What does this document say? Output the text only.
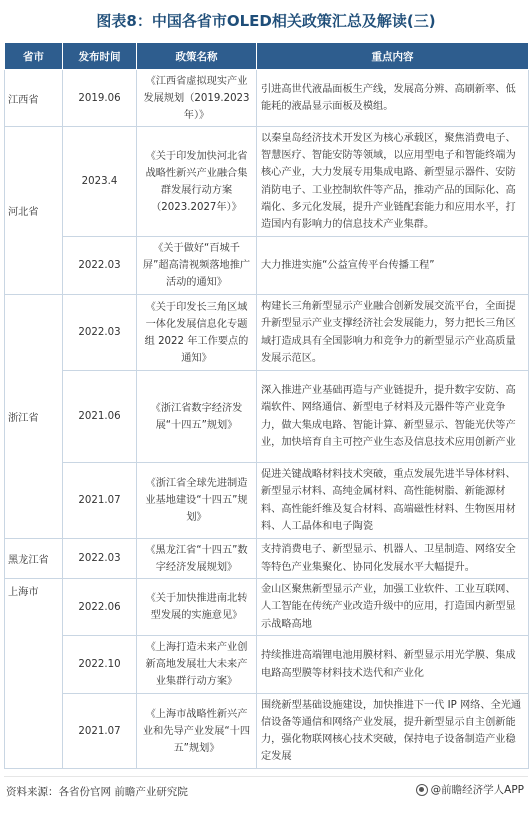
图表8：中国各省市OLED相关政策汇总及解读(三)
省市	发布时间	政策名称	重点内容
江西省	2019.06	《江西省虚拟现实产业发展规划（2019.2023年）》	引进高世代液晶面板生产线，发展高分辨、高刷新率、低能耗的液晶显示面板及模组。
河北省	2023.4	《关于印发加快河北省战略性新兴产业融合集群发展行动方案（2023.2027年）》	以秦皇岛经济技术开发区为核心承载区，聚焦消费电子、智慧医疗、智能安防等领域，以应用型电子和智能终端为核心产业，大力发展专用集成电路、新型显示器件、安防消防电子、工业控制软件等产品，推动产品的国际化、高端化、多元化发展，提升产业链配套能力和应用水平，打造国内有影响力的信息技术产业集群。
	2022.03	《关于做好“百城千屏”超高清视频落地推广活动的通知》	大力推进实施“公益宣传平台传播工程”
浙江省	2022.03	《关于印发长三角区域一体化发展信息化专题组 2022 年工作要点的通知》	构建长三角新型显示产业融合创新发展交流平台，全面提升新型显示产业支撑经济社会发展能力，努力把长三角区域打造成具有全国影响力和竞争力的新型显示产业高质量发展示范区。
	2021.06	《浙江省数字经济发展“十四五”规划》	深入推进产业基础再造与产业链提升，提升数字安防、高端软件、网络通信、新型电子材料及元器件等产业竞争力，做大集成电路、智能计算、新型显示、智能光伏等产业，加快培育自主可控产业生态及信息技术应用创新产业
	2021.07	《浙江省全球先进制造业基地建设“十四五”规划》	促进关键战略材料技术突破，重点发展先进半导体材料、新型显示材料、高纯金属材料、高性能树脂、新能源材料、高性能纤维及复合材料、高端磁性材料、生物医用材料、人工晶体和电子陶瓷
黑龙江省	2022.03	《黑龙江省“十四五”数字经济发展规划》	支持消费电子、新型显示、机器人、卫星制造、网络安全等特色产业集聚化、协同化发展水平大幅提升。
上海市	2022.06	《关于加快推进南北转型发展的实施意见》	金山区聚焦新型显示产业，加强工业软件、工业互联网、人工智能在传统产业改造升级中的应用，打造国内新型显示战略高地
	2022.10	《上海打造未来产业创新高地发展壮大未来产业集群行动方案》	持续推进高端锂电池用膜材料、新型显示用光学膜、集成电路高型膜等材料技术迭代和产业化
	2021.07	《上海市战略性新兴产业和先导产业发展“十四五”规划》	围绕新型基础设施建设，加快推进下一代 IP 网络、全光通信设备等通信和网络产业发展，提升新型显示自主创新能力，强化物联网核心技术突破，保持电子设备制造产业稳定发展
资料来源：各省份官网 前瞻产业研究院	@前瞻经济学人APP
